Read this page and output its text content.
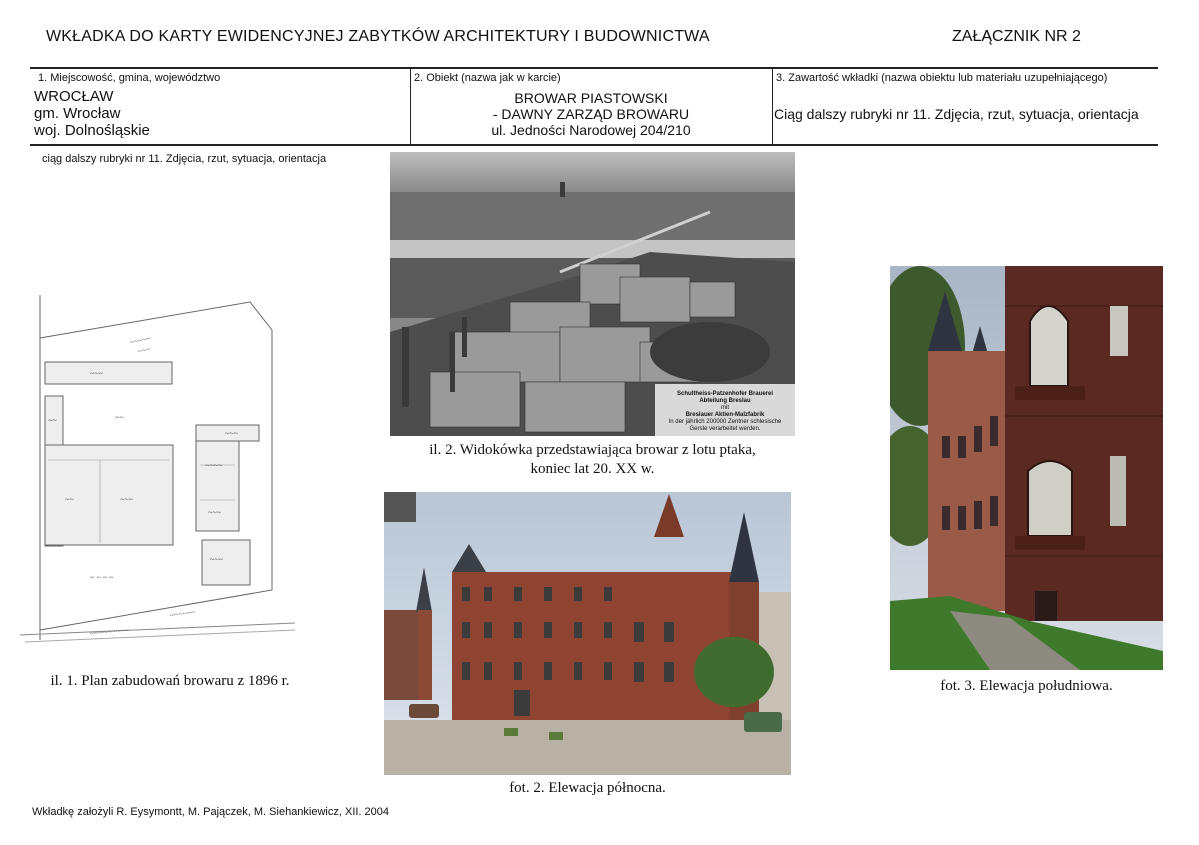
WKŁADKA DO KARTY EWIDENCYJNEJ ZABYTKÓW ARCHITEKTURY I BUDOWNICTWA	ZAŁĄCZNIK NR 2
1. Miejscowość, gmina, województwo
WROCŁAW
gm. Wrocław
woj. Dolnośląskie
2. Obiekt (nazwa jak w karcie)
BROWAR PIASTOWSKI
- DAWNY ZARZĄD BROWARU
ul. Jedności Narodowej 204/210
3. Zawartość wkładki (nazwa obiektu lub materiału uzupełniającego)
Ciąg dalszy rubryki nr 11. Zdjęcia, rzut, sytuacja, orientacja
ciąg dalszy rubryki nr 11. Zdjęcia, rzut, sytuacja, orientacja
~~~~~
~~~
~~~
~~
~~
~~~
~~~~
~~	~~~
~~~
~~~
~ ~ ~ ~
~~~~~~
~~~~~~~~~
il. 1. Plan zabudowań browaru z 1896 r.
Schultheiss-Patzenhofer Brauerei
Abteilung Breslau
mit
Breslauer Aktien-Malzfabrik
In der jährlich 200000 Zentner schlesische
Gerste verarbeitet werden.
il. 2. Widokówka przedstawiająca browar z lotu ptaka,
koniec lat 20. XX w.
fot. 2. Elewacja północna.
fot. 3. Elewacja południowa.
Wkładkę założyli R. Eysymontt, M. Pajączek, M. Siehankiewicz, XII. 2004
